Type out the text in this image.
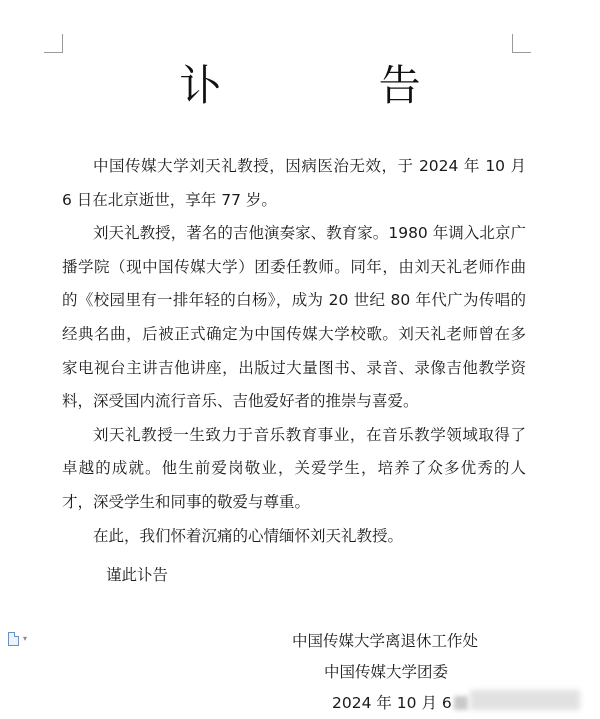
讣 告

中国传媒大学刘天礼教授，因病医治无效，于 2024 年 10 月 6 日在北京逝世，享年 77 岁。

刘天礼教授，著名的吉他演奏家、教育家。1980 年调入北京广播学院（现中国传媒大学）团委任教师。同年，由刘天礼老师作曲的《校园里有一排年轻的白杨》，成为 20 世纪 80 年代广为传唱的经典名曲，后被正式确定为中国传媒大学校歌。刘天礼老师曾在多家电视台主讲吉他讲座，出版过大量图书、录音、录像吉他教学资料，深受国内流行音乐、吉他爱好者的推崇与喜爱。

刘天礼教授一生致力于音乐教育事业，在音乐教学领域取得了卓越的成就。他生前爱岗敬业，关爱学生，培养了众多优秀的人才，深受学生和同事的敬爱与尊重。

在此，我们怀着沉痛的心情缅怀刘天礼教授。

谨此讣告
中国传媒大学离退休工作处
中国传媒大学团委
2024 年 10 月 6
▾
